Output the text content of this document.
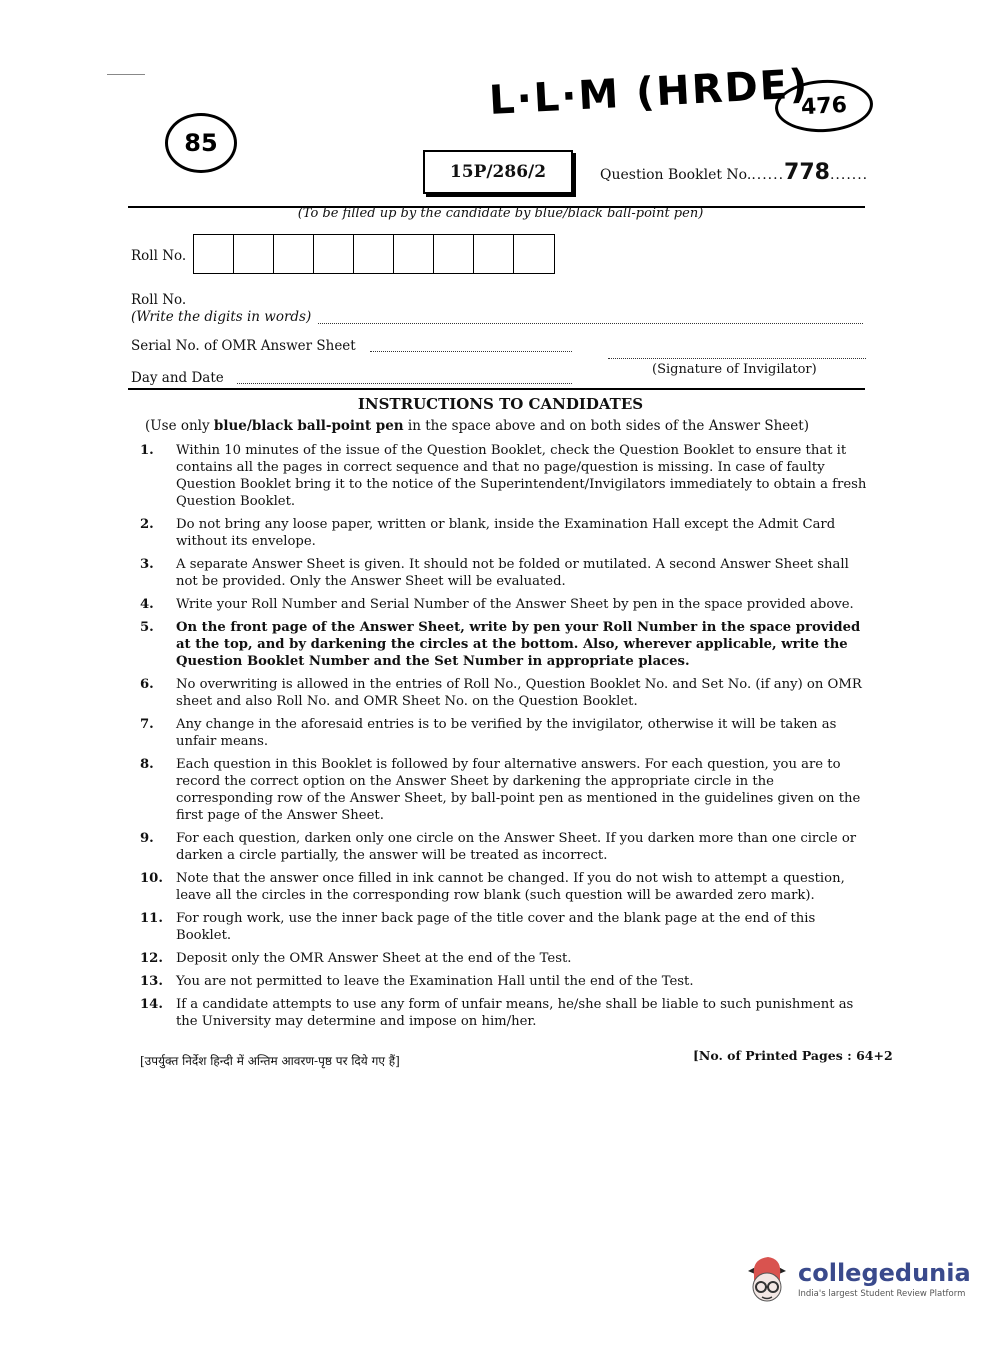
85
L·L·M (HRDE)
476
15P/286/2	Question Booklet No.......778.......
(To be filled up by the candidate by blue/black ball-point pen)
Roll No.
Roll No.
(Write the digits in words)
Serial No. of OMR Answer Sheet
Day and Date
(Signature of Invigilator)
INSTRUCTIONS TO CANDIDATES
(Use only blue/black ball-point pen in the space above and on both sides of the Answer Sheet)
1.	Within 10 minutes of the issue of the Question Booklet, check the Question Booklet to ensure that it contains all the pages in correct sequence and that no page/question is missing. In case of faulty Question Booklet bring it to the notice of the Superintendent/Invigilators immediately to obtain a fresh Question Booklet.
2.	Do not bring any loose paper, written or blank, inside the Examination Hall except the Admit Card without its envelope.
3.	A separate Answer Sheet is given. It should not be folded or mutilated. A second Answer Sheet shall not be provided. Only the Answer Sheet will be evaluated.
4.	Write your Roll Number and Serial Number of the Answer Sheet by pen in the space provided above.
5.	On the front page of the Answer Sheet, write by pen your Roll Number in the space provided at the top, and by darkening the circles at the bottom. Also, wherever applicable, write the Question Booklet Number and the Set Number in appropriate places.
6.	No overwriting is allowed in the entries of Roll No., Question Booklet No. and Set No. (if any) on OMR sheet and also Roll No. and OMR Sheet No. on the Question Booklet.
7.	Any change in the aforesaid entries is to be verified by the invigilator, otherwise it will be taken as unfair means.
8.	Each question in this Booklet is followed by four alternative answers. For each question, you are to record the correct option on the Answer Sheet by darkening the appropriate circle in the corresponding row of the Answer Sheet, by ball-point pen as mentioned in the guidelines given on the first page of the Answer Sheet.
9.	For each question, darken only one circle on the Answer Sheet. If you darken more than one circle or darken a circle partially, the answer will be treated as incorrect.
10. Note that the answer once filled in ink cannot be changed. If you do not wish to attempt a question, leave all the circles in the corresponding row blank (such question will be awarded zero mark).
11. For rough work, use the inner back page of the title cover and the blank page at the end of this Booklet.
12. Deposit only the OMR Answer Sheet at the end of the Test.
13. You are not permitted to leave the Examination Hall until the end of the Test.
14. If a candidate attempts to use any form of unfair means, he/she shall be liable to such punishment as the University may determine and impose on him/her.
[उपर्युक्त निर्देश हिन्दी में अन्तिम आवरण-पृष्ठ पर दिये गए हैं]	[No. of Printed Pages : 64+2
collegedunia
India's largest Student Review Platform
